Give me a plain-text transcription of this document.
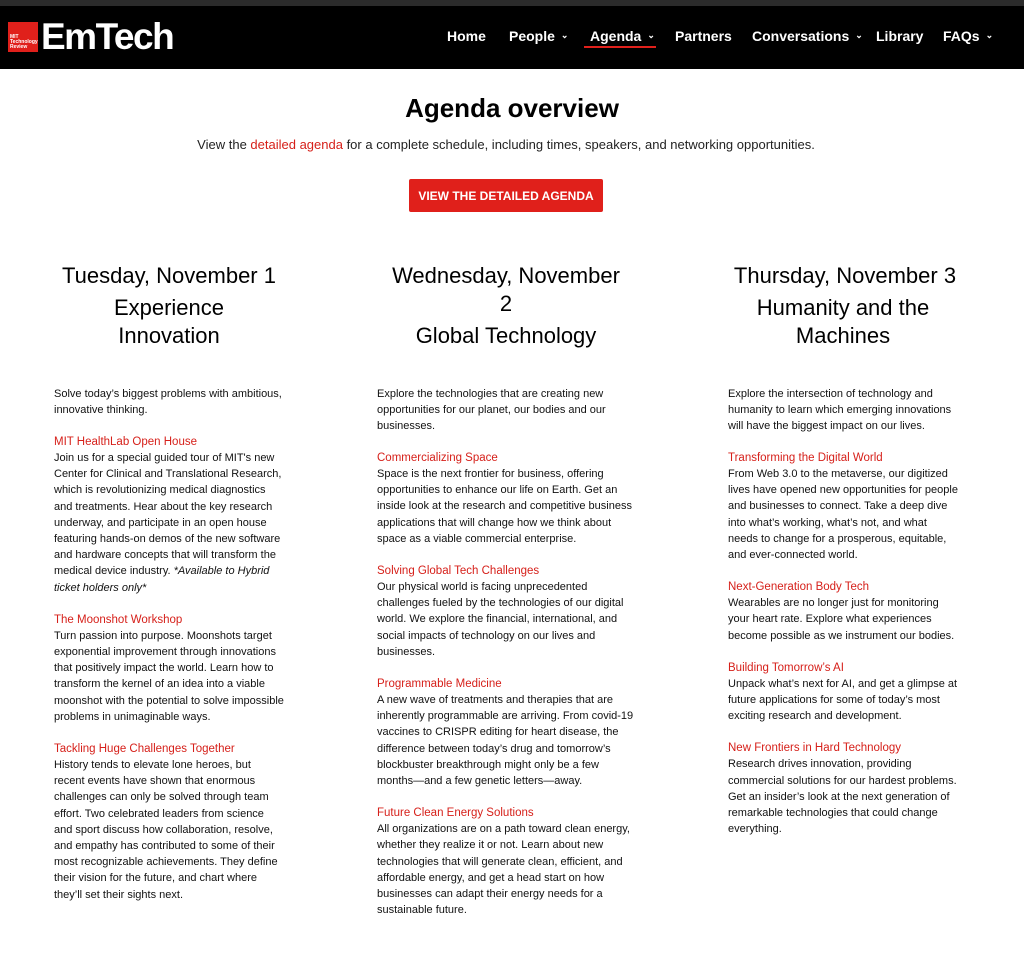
MIT
Technology
Review EmTech	Home People ⌄ Agenda ⌄ Partners Conversations ⌄ Library FAQs ⌄
Agenda overview

View the detailed agenda for a complete schedule, including times, speakers, and networking opportunities.

VIEW THE DETAILED AGENDA
Tuesday, November 1
Experience Innovation

Solve today’s biggest problems with ambitious, innovative thinking.

MIT HealthLab Open House

Join us for a special guided tour of MIT's new Center for Clinical and Translational Research, which is revolutionizing medical diagnostics and treatments. Hear about the key research underway, and participate in an open house featuring hands-on demos of the new software and hardware concepts that will transform the medical device industry. *Available to Hybrid ticket holders only*

The Moonshot Workshop

Turn passion into purpose. Moonshots target exponential improvement through innovations that positively impact the world. Learn how to transform the kernel of an idea into a viable moonshot with the potential to solve impossible problems in unimaginable ways.

Tackling Huge Challenges Together

History tends to elevate lone heroes, but recent events have shown that enormous challenges can only be solved through team effort. Two celebrated leaders from science and sport discuss how collaboration, resolve, and empathy has contributed to some of their most recognizable achievements. They define their vision for the future, and chart where they’ll set their sights next.

Wednesday, November 2
Global Technology

Explore the technologies that are creating new opportunities for our planet, our bodies and our businesses.

Commercializing Space

Space is the next frontier for business, offering opportunities to enhance our life on Earth. Get an inside look at the research and competitive business applications that will change how we think about space as a viable commercial enterprise.

Solving Global Tech Challenges

Our physical world is facing unprecedented challenges fueled by the technologies of our digital world. We explore the financial, international, and social impacts of technology on our lives and businesses.

Programmable Medicine

A new wave of treatments and therapies that are inherently programmable are arriving. From covid-19 vaccines to CRISPR editing for heart disease, the difference between today’s drug and tomorrow’s blockbuster breakthrough might only be a few months—and a few genetic letters—away.

Future Clean Energy Solutions

All organizations are on a path toward clean energy, whether they realize it or not. Learn about new technologies that will generate clean, efficient, and affordable energy, and get a head start on how businesses can adapt their energy needs for a sustainable future.

Thursday, November 3
Humanity and the Machines

Explore the intersection of technology and humanity to learn which emerging innovations will have the biggest impact on our lives.

Transforming the Digital World

From Web 3.0 to the metaverse, our digitized lives have opened new opportunities for people and businesses to connect. Take a deep dive into what’s working, what’s not, and what needs to change for a prosperous, equitable, and ever-connected world.

Next-Generation Body Tech

Wearables are no longer just for monitoring your heart rate. Explore what experiences become possible as we instrument our bodies.

Building Tomorrow’s AI

Unpack what’s next for AI, and get a glimpse at future applications for some of today’s most exciting research and development.

New Frontiers in Hard Technology

Research drives innovation, providing commercial solutions for our hardest problems. Get an insider’s look at the next generation of remarkable technologies that could change everything.
